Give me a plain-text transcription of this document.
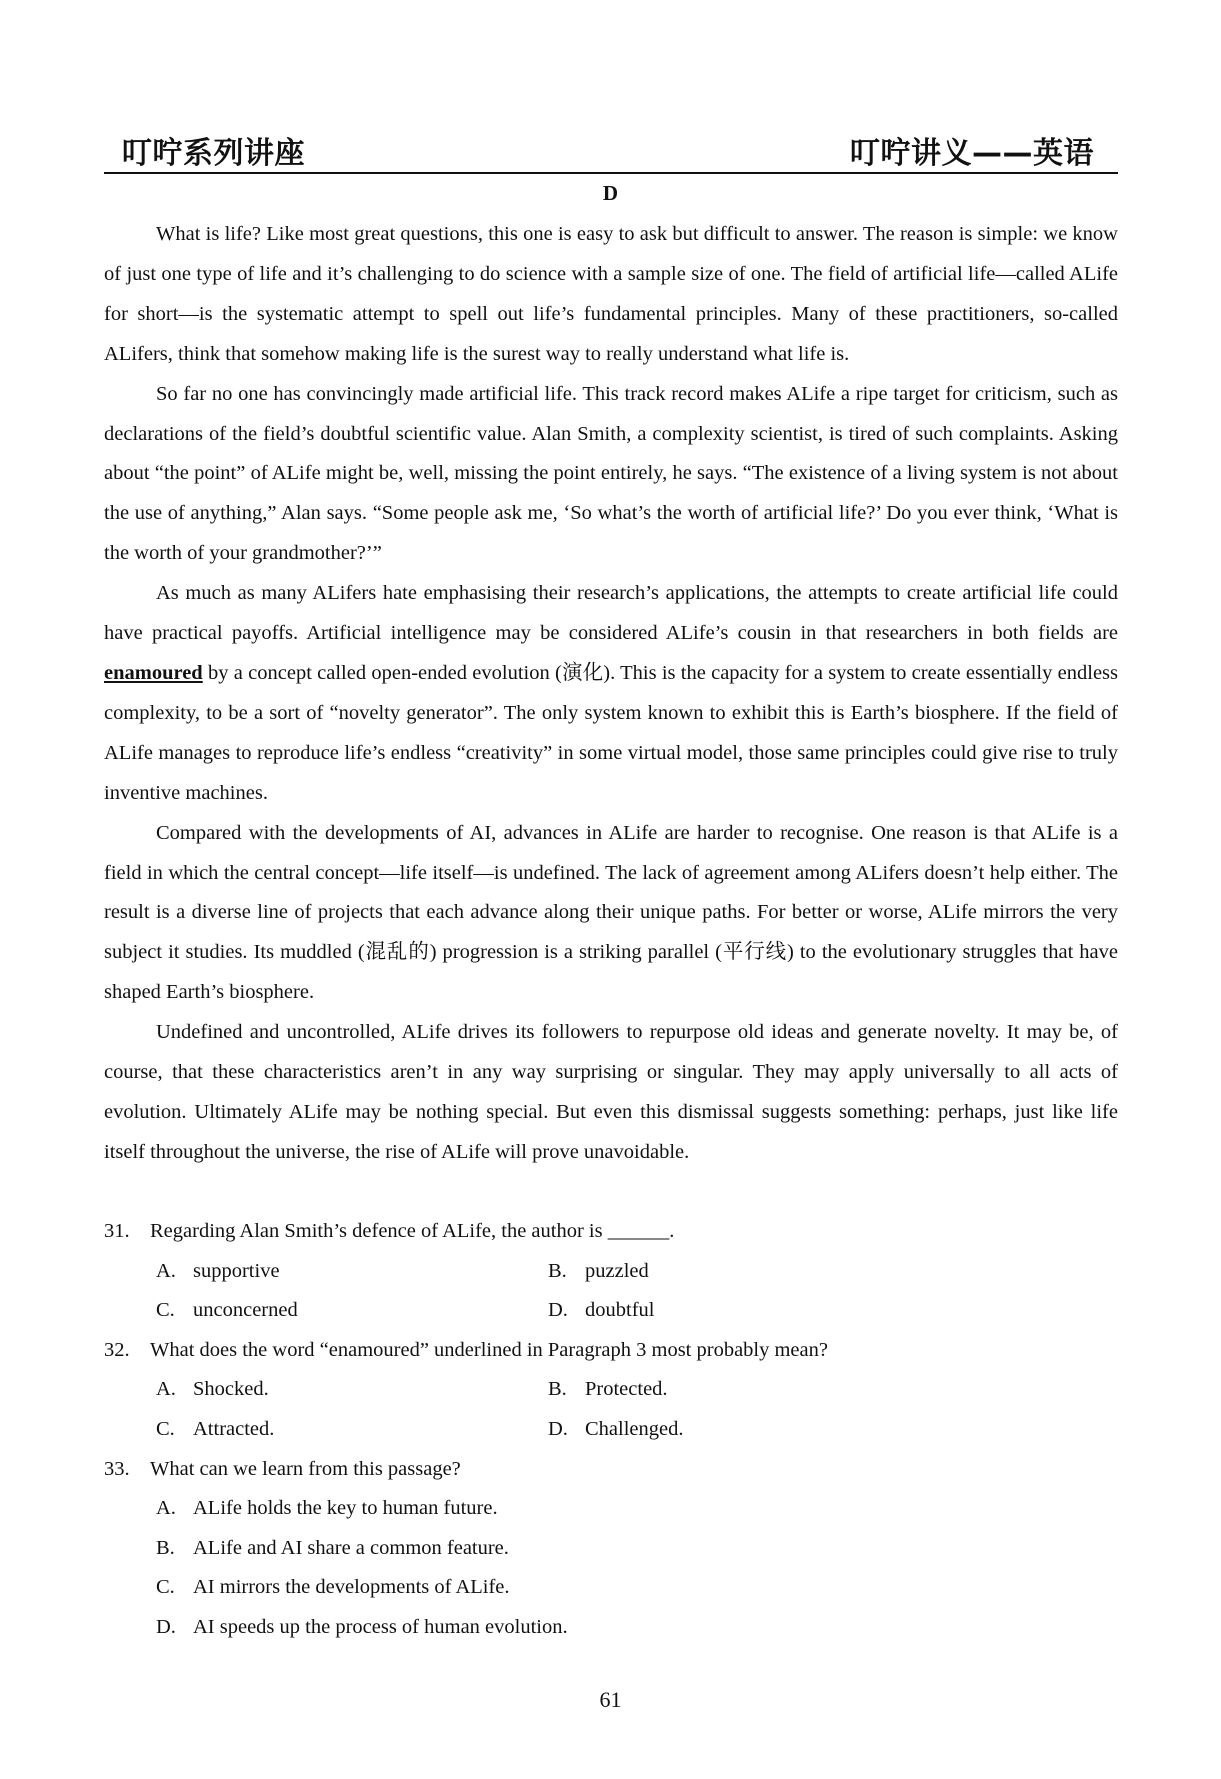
叮咛系列讲座	叮咛讲义——英语
D

What is life? Like most great questions, this one is easy to ask but difficult to answer. The reason is simple: we know of just one type of life and it’s challenging to do science with a sample size of one. The field of artificial life—called ALife for short—is the systematic attempt to spell out life’s fundamental principles. Many of these practitioners, so-called ALifers, think that somehow making life is the surest way to really understand what life is.

So far no one has convincingly made artificial life. This track record makes ALife a ripe target for criticism, such as declarations of the field’s doubtful scientific value. Alan Smith, a complexity scientist, is tired of such complaints. Asking about “the point” of ALife might be, well, missing the point entirely, he says. “The existence of a living system is not about the use of anything,” Alan says. “Some people ask me, ‘So what’s the worth of artificial life?’ Do you ever think, ‘What is the worth of your grandmother?’”

As much as many ALifers hate emphasising their research’s applications, the attempts to create artificial life could have practical payoffs. Artificial intelligence may be considered ALife’s cousin in that researchers in both fields are enamoured by a concept called open-ended evolution (演化). This is the capacity for a system to create essentially endless complexity, to be a sort of “novelty generator”. The only system known to exhibit this is Earth’s biosphere. If the field of ALife manages to reproduce life’s endless “creativity” in some virtual model, those same principles could give rise to truly inventive machines.

Compared with the developments of AI, advances in ALife are harder to recognise. One reason is that ALife is a field in which the central concept—life itself—is undefined. The lack of agreement among ALifers doesn’t help either. The result is a diverse line of projects that each advance along their unique paths. For better or worse, ALife mirrors the very subject it studies. Its muddled (混乱的) progression is a striking parallel (平行线) to the evolutionary struggles that have shaped Earth’s biosphere.

Undefined and uncontrolled, ALife drives its followers to repurpose old ideas and generate novelty. It may be, of course, that these characteristics aren’t in any way surprising or singular. They may apply universally to all acts of evolution. Ultimately ALife may be nothing special. But even this dismissal suggests something: perhaps, just like life itself throughout the universe, the rise of ALife will prove unavoidable.

31. Regarding Alan Smith’s defence of ALife, the author is ______.
A. supportive	B. puzzled
C. unconcerned	D. doubtful
32. What does the word “enamoured” underlined in Paragraph 3 most probably mean?
A. Shocked.	B. Protected.
C. Attracted.	D. Challenged.
33. What can we learn from this passage?
A. ALife holds the key to human future.
B. ALife and AI share a common feature.
C. AI mirrors the developments of ALife.
D. AI speeds up the process of human evolution.
61
